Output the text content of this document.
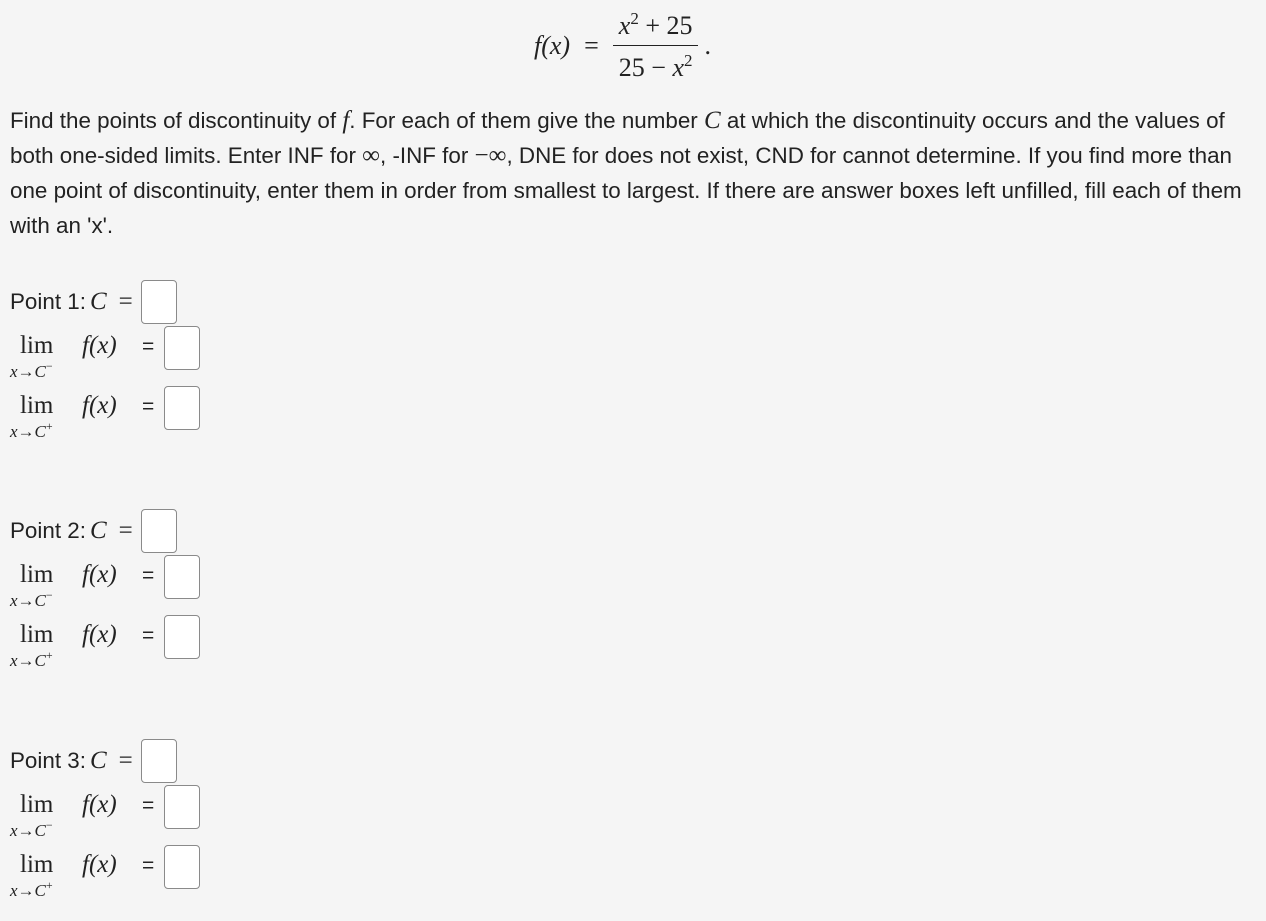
$f(x) = \frac{x^2 + 25}{25 - x^2}$ .
Find the points of discontinuity of f. For each of them give the number C at which the discontinuity occurs and the values of both one-sided limits. Enter INF for ∞, -INF for −∞, DNE for does not exist, CND for cannot determine. If you find more than one point of discontinuity, enter them in order from smallest to largest. If there are answer boxes left unfilled, fill each of them with an 'x'.
Point 1: C =
lim
x→C−
f(x) =
lim
x→C+
f(x) =
Point 2: C =
lim
x→C−
f(x) =
lim
x→C+
f(x) =
Point 3: C =
lim
x→C−
f(x) =
lim
x→C+
f(x) =
